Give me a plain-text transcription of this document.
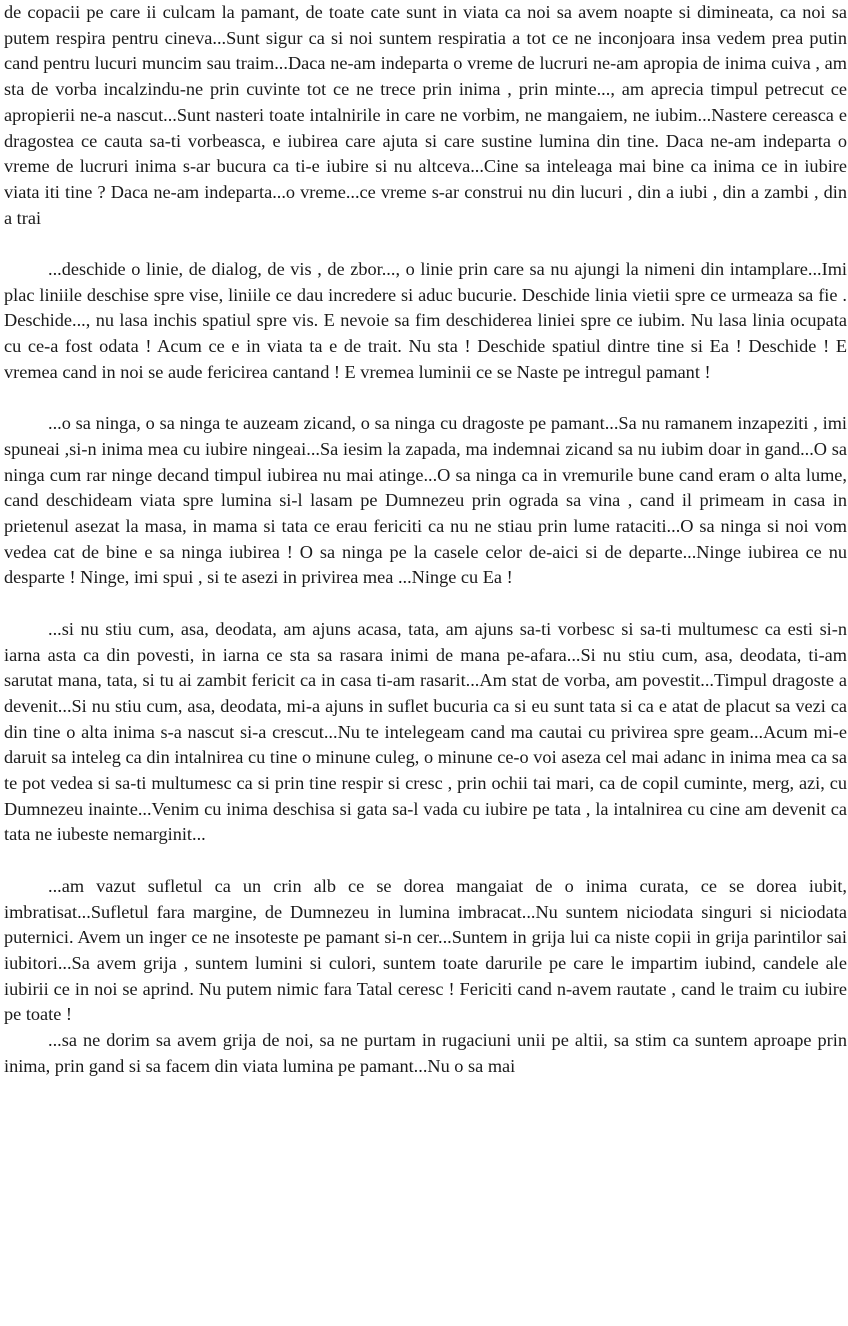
de copacii pe care ii culcam la pamant, de toate cate sunt in viata ca noi sa avem noapte si dimineata, ca noi sa putem respira pentru cineva...Sunt sigur ca si noi suntem respiratia a tot ce ne inconjoara insa vedem prea putin cand pentru lucuri muncim sau traim...Daca ne-am indeparta o vreme de lucruri ne-am apropia de inima cuiva , am sta de vorba incalzindu-ne prin cuvinte tot ce ne trece prin inima , prin minte..., am aprecia timpul petrecut ce apropierii ne-a nascut...Sunt nasteri toate intalnirile in care ne vorbim, ne mangaiem, ne iubim...Nastere cereasca e dragostea ce cauta sa-ti vorbeasca, e iubirea care ajuta si care sustine lumina din tine. Daca ne-am indeparta o vreme de lucruri inima s-ar bucura ca ti-e iubire si nu altceva...Cine sa inteleaga mai bine ca inima ce in iubire viata iti tine ? Daca ne-am indeparta...o vreme...ce vreme s-ar construi nu din lucuri , din a iubi , din a zambi , din a trai

...deschide o linie, de dialog, de vis , de zbor..., o linie prin care sa nu ajungi la nimeni din intamplare...Imi plac liniile deschise spre vise, liniile ce dau incredere si aduc bucurie. Deschide linia vietii spre ce urmeaza sa fie . Deschide..., nu lasa inchis spatiul spre vis. E nevoie sa fim deschiderea liniei spre ce iubim. Nu lasa linia ocupata cu ce-a fost odata ! Acum ce e in viata ta e de trait. Nu sta ! Deschide spatiul dintre tine si Ea ! Deschide ! E vremea cand in noi se aude fericirea cantand ! E vremea luminii ce se Naste pe intregul pamant !

...o sa ninga, o sa ninga te auzeam zicand, o sa ninga cu dragoste pe pamant...Sa nu ramanem inzapeziti , imi spuneai ,si-n inima mea cu iubire ningeai...Sa iesim la zapada, ma indemnai zicand sa nu iubim doar in gand...O sa ninga cum rar ninge decand timpul iubirea nu mai atinge...O sa ninga ca in vremurile bune cand eram o alta lume, cand deschideam viata spre lumina si-l lasam pe Dumnezeu prin ograda sa vina , cand il primeam in casa in prietenul asezat la masa, in mama si tata ce erau fericiti ca nu ne stiau prin lume rataciti...O sa ninga si noi vom vedea cat de bine e sa ninga iubirea ! O sa ninga pe la casele celor de-aici si de departe...Ninge iubirea ce nu desparte ! Ninge, imi spui , si te asezi in privirea mea ...Ninge cu Ea !

...si nu stiu cum, asa, deodata, am ajuns acasa, tata, am ajuns sa-ti vorbesc si sa-ti multumesc ca esti si-n iarna asta ca din povesti, in iarna ce sta sa rasara inimi de mana pe-afara...Si nu stiu cum, asa, deodata, ti-am sarutat mana, tata, si tu ai zambit fericit ca in casa ti-am rasarit...Am stat de vorba, am povestit...Timpul dragoste a devenit...Si nu stiu cum, asa, deodata, mi-a ajuns in suflet bucuria ca si eu sunt tata si ca e atat de placut sa vezi ca din tine o alta inima s-a nascut si-a crescut...Nu te intelegeam cand ma cautai cu privirea spre geam...Acum mi-e daruit sa inteleg ca din intalnirea cu tine o minune culeg, o minune ce-o voi aseza cel mai adanc in inima mea ca sa te pot vedea si sa-ti multumesc ca si prin tine respir si cresc , prin ochii tai mari, ca de copil cuminte, merg, azi, cu Dumnezeu inainte...Venim cu inima deschisa si gata sa-l vada cu iubire pe tata , la intalnirea cu cine am devenit ca tata ne iubeste nemarginit...

...am vazut sufletul ca un crin alb ce se dorea mangaiat de o inima curata, ce se dorea iubit, imbratisat...Sufletul fara margine, de Dumnezeu in lumina imbracat...Nu suntem niciodata singuri si niciodata puternici. Avem un inger ce ne insoteste pe pamant si-n cer...Suntem in grija lui ca niste copii in grija parintilor sai iubitori...Sa avem grija , suntem lumini si culori, suntem toate darurile pe care le impartim iubind, candele ale iubirii ce in noi se aprind. Nu putem nimic fara Tatal ceresc ! Fericiti cand n-avem rautate , cand le traim cu iubire pe toate !

...sa ne dorim sa avem grija de noi, sa ne purtam in rugaciuni unii pe altii, sa stim ca suntem aproape prin inima, prin gand si sa facem din viata lumina pe pamant...Nu o sa mai
